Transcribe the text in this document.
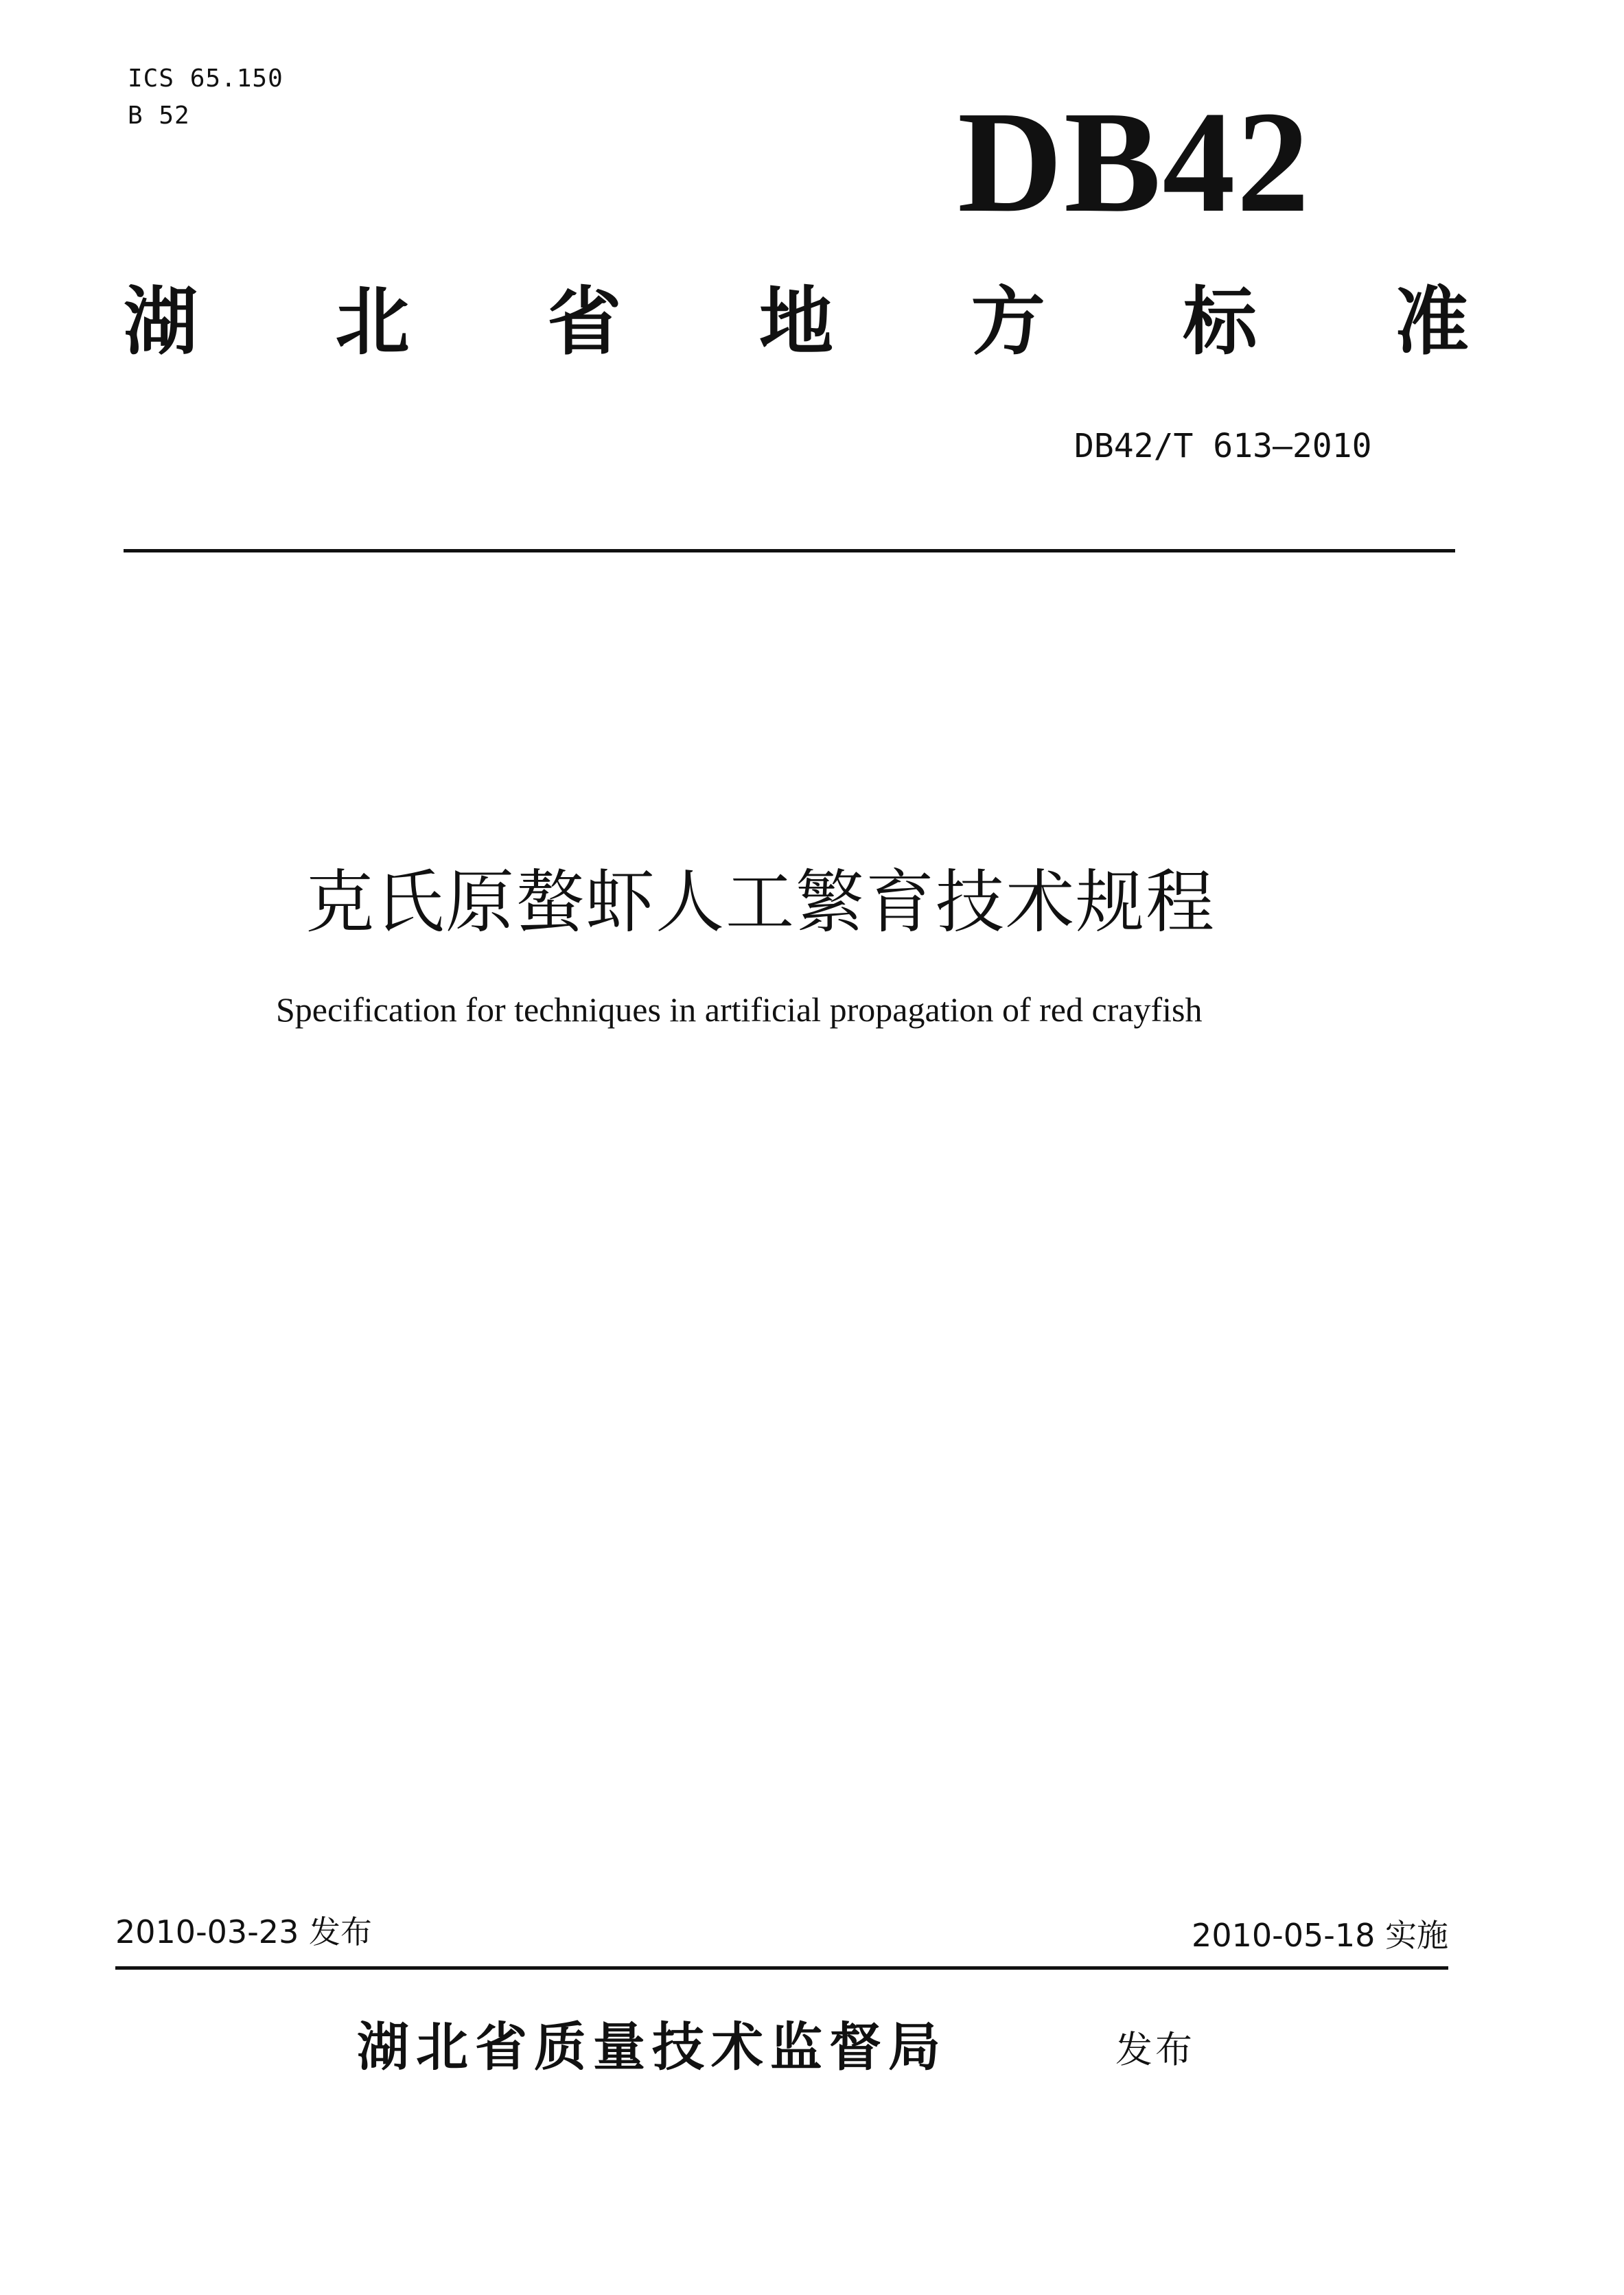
ICS 65.150
B 52	DB42
湖 北 省 地 方 标 准
DB42/T 613—2010
克氏原螯虾人工繁育技术规程
Specification for techniques in artificial propagation of red crayfish
2010-03-23 发布	2010-05-18 实施
湖北省质量技术监督局	发布
